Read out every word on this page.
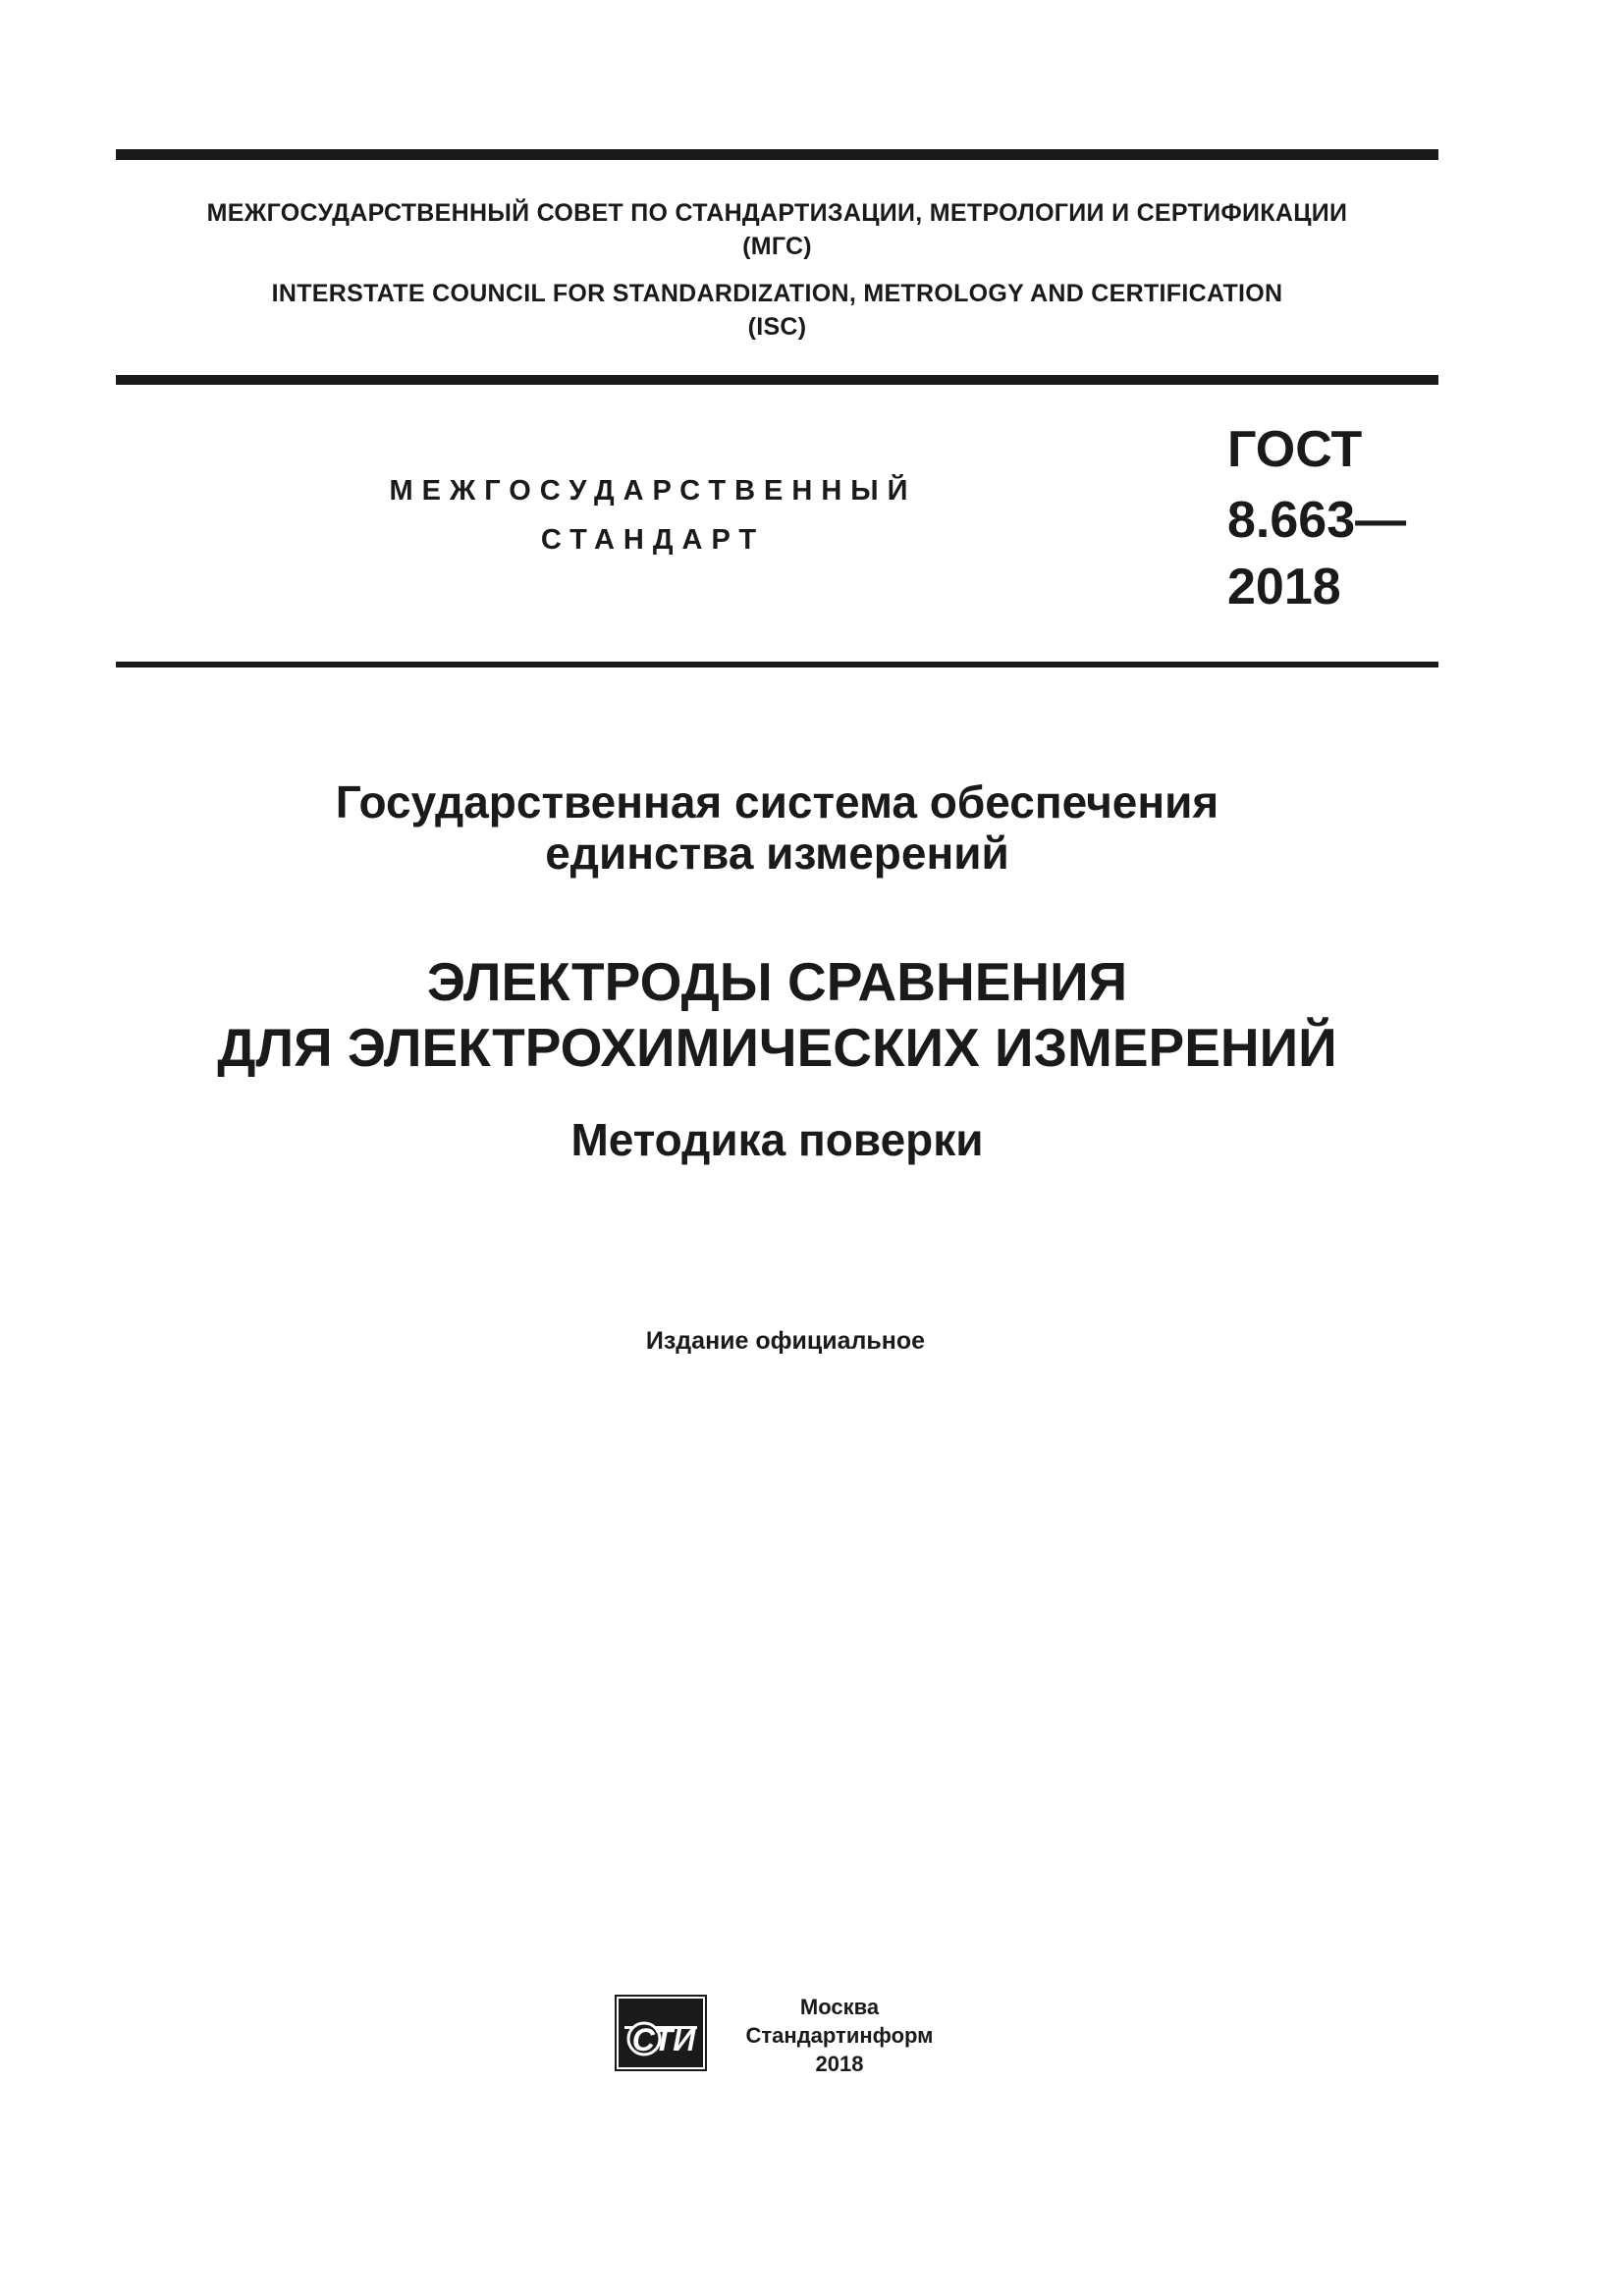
МЕЖГОСУДАРСТВЕННЫЙ СОВЕТ ПО СТАНДАРТИЗАЦИИ, МЕТРОЛОГИИ И СЕРТИФИКАЦИИ
(МГС)
INTERSTATE COUNCIL FOR STANDARDIZATION, METROLOGY AND CERTIFICATION
(ISC)
МЕЖГОСУДАРСТВЕННЫЙ
СТАНДАРТ
ГОСТ
8.663—
2018
Государственная система обеспечения
единства измерений
ЭЛЕКТРОДЫ СРАВНЕНИЯ
ДЛЯ ЭЛЕКТРОХИМИЧЕСКИХ ИЗМЕРЕНИЙ
Методика поверки
Издание официальное
СТИ
Москва
Стандартинформ
2018
